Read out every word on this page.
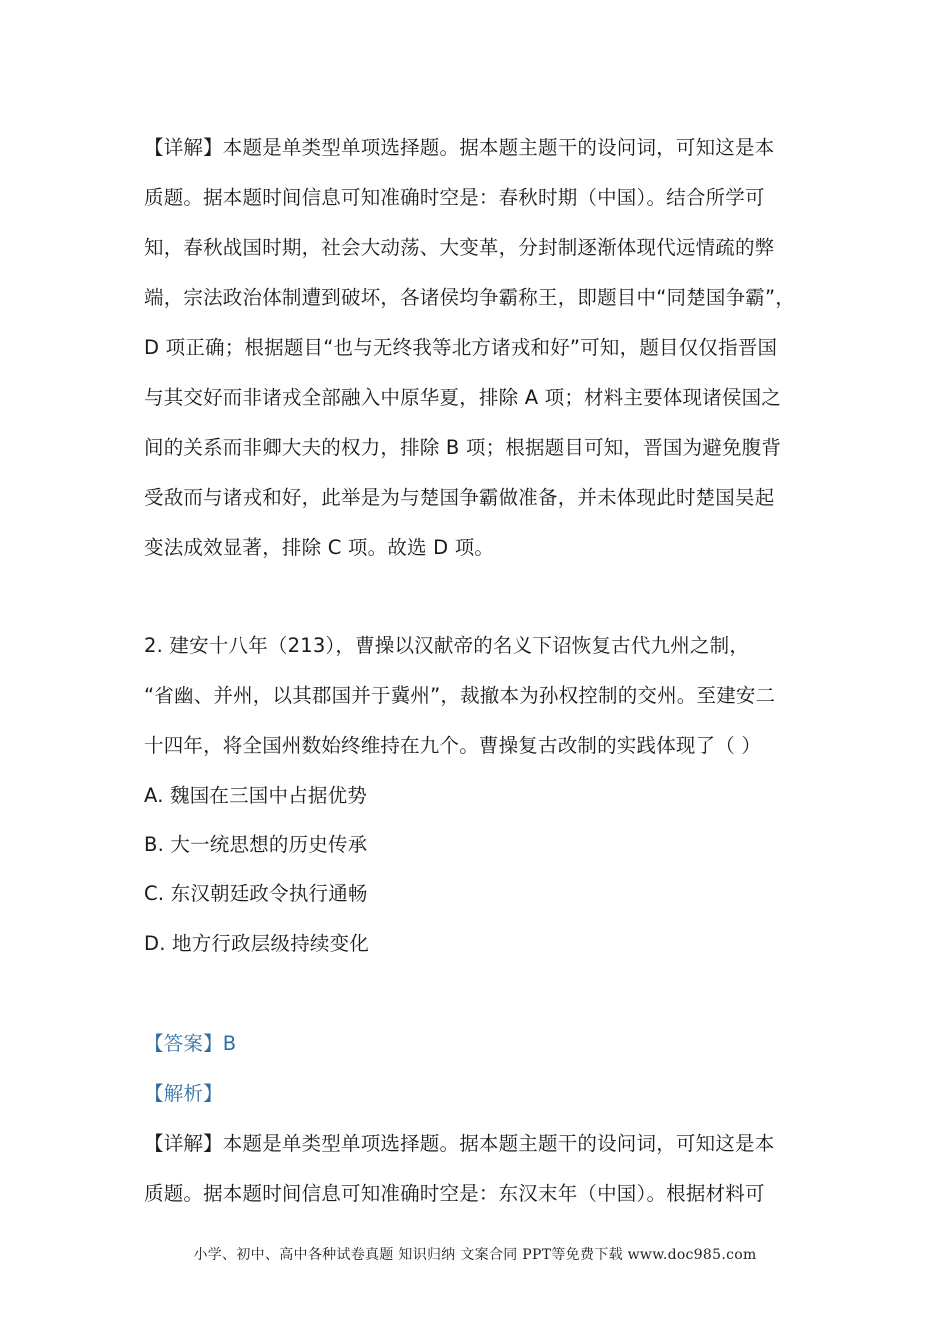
【详解】本题是单类型单项选择题。据本题主题干的设问词，可知这是本
质题。据本题时间信息可知准确时空是：春秋时期（中国）。结合所学可
知，春秋战国时期，社会大动荡、大变革，分封制逐渐体现代远情疏的弊
端，宗法政治体制遭到破坏，各诸侯均争霸称王，即题目中“同楚国争霸”，
D 项正确；根据题目“也与无终我等北方诸戎和好”可知，题目仅仅指晋国
与其交好而非诸戎全部融入中原华夏，排除 A 项；材料主要体现诸侯国之
间的关系而非卿大夫的权力，排除 B 项；根据题目可知，晋国为避免腹背
受敌而与诸戎和好，此举是为与楚国争霸做准备，并未体现此时楚国吴起
变法成效显著，排除 C 项。故选 D 项。
2. 建安十八年（213），曹操以汉献帝的名义下诏恢复古代九州之制，
“省幽、并州，以其郡国并于冀州”，裁撤本为孙权控制的交州。至建安二
十四年，将全国州数始终维持在九个。曹操复古改制的实践体现了（ ）
A. 魏国在三国中占据优势
B. 大一统思想的历史传承
C. 东汉朝廷政令执行通畅
D. 地方行政层级持续变化
【答案】B
【解析】
【详解】本题是单类型单项选择题。据本题主题干的设问词，可知这是本
质题。据本题时间信息可知准确时空是：东汉末年（中国）。根据材料可
小学、初中、高中各种试卷真题 知识归纳 文案合同 PPT等免费下载 www.doc985.com
